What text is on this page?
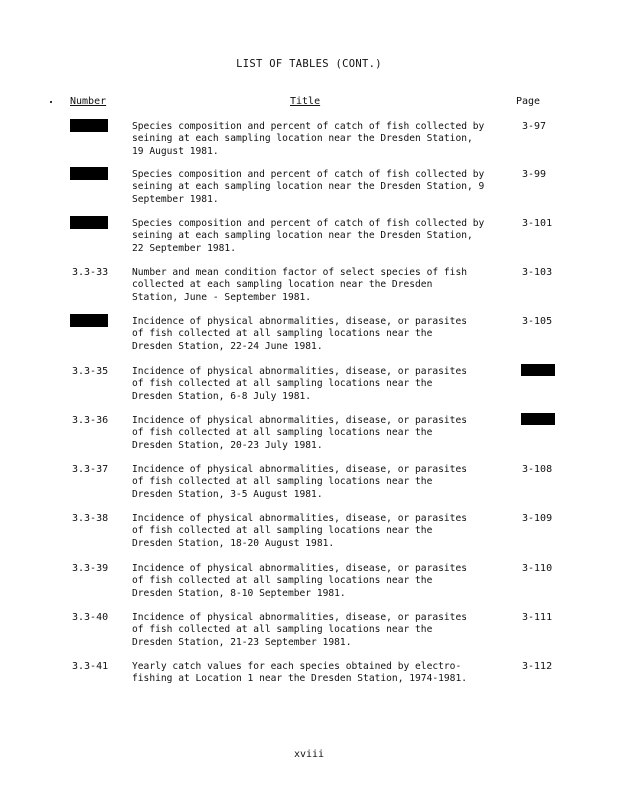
LIST OF TABLES (CONT.)
Number	Title	Page
Species composition and percent of catch of fish collected by
seining at each sampling location near the Dresden Station,
19 August 1981.
3-97
Species composition and percent of catch of fish collected by
seining at each sampling location near the Dresden Station, 9
September 1981.
3-99
Species composition and percent of catch of fish collected by
seining at each sampling location near the Dresden Station,
22 September 1981.
3-101
3.3-33 Number and mean condition factor of select species of fish
collected at each sampling location near the Dresden
Station, June - September 1981.
3-103
Incidence of physical abnormalities, disease, or parasites
of fish collected at all sampling locations near the
Dresden Station, 22-24 June 1981.
3-105
3.3-35 Incidence of physical abnormalities, disease, or parasites
of fish collected at all sampling locations near the
Dresden Station, 6-8 July 1981.
3.3-36 Incidence of physical abnormalities, disease, or parasites
of fish collected at all sampling locations near the
Dresden Station, 20-23 July 1981.
3.3-37 Incidence of physical abnormalities, disease, or parasites
of fish collected at all sampling locations near the
Dresden Station, 3-5 August 1981.
3-108
3.3-38 Incidence of physical abnormalities, disease, or parasites
of fish collected at all sampling locations near the
Dresden Station, 18-20 August 1981.
3-109
3.3-39 Incidence of physical abnormalities, disease, or parasites
of fish collected at all sampling locations near the
Dresden Station, 8-10 September 1981.
3-110
3.3-40 Incidence of physical abnormalities, disease, or parasites
of fish collected at all sampling locations near the
Dresden Station, 21-23 September 1981.
3-111
3.3-41 Yearly catch values for each species obtained by electro-
fishing at Location 1 near the Dresden Station, 1974-1981.
3-112
xviii
